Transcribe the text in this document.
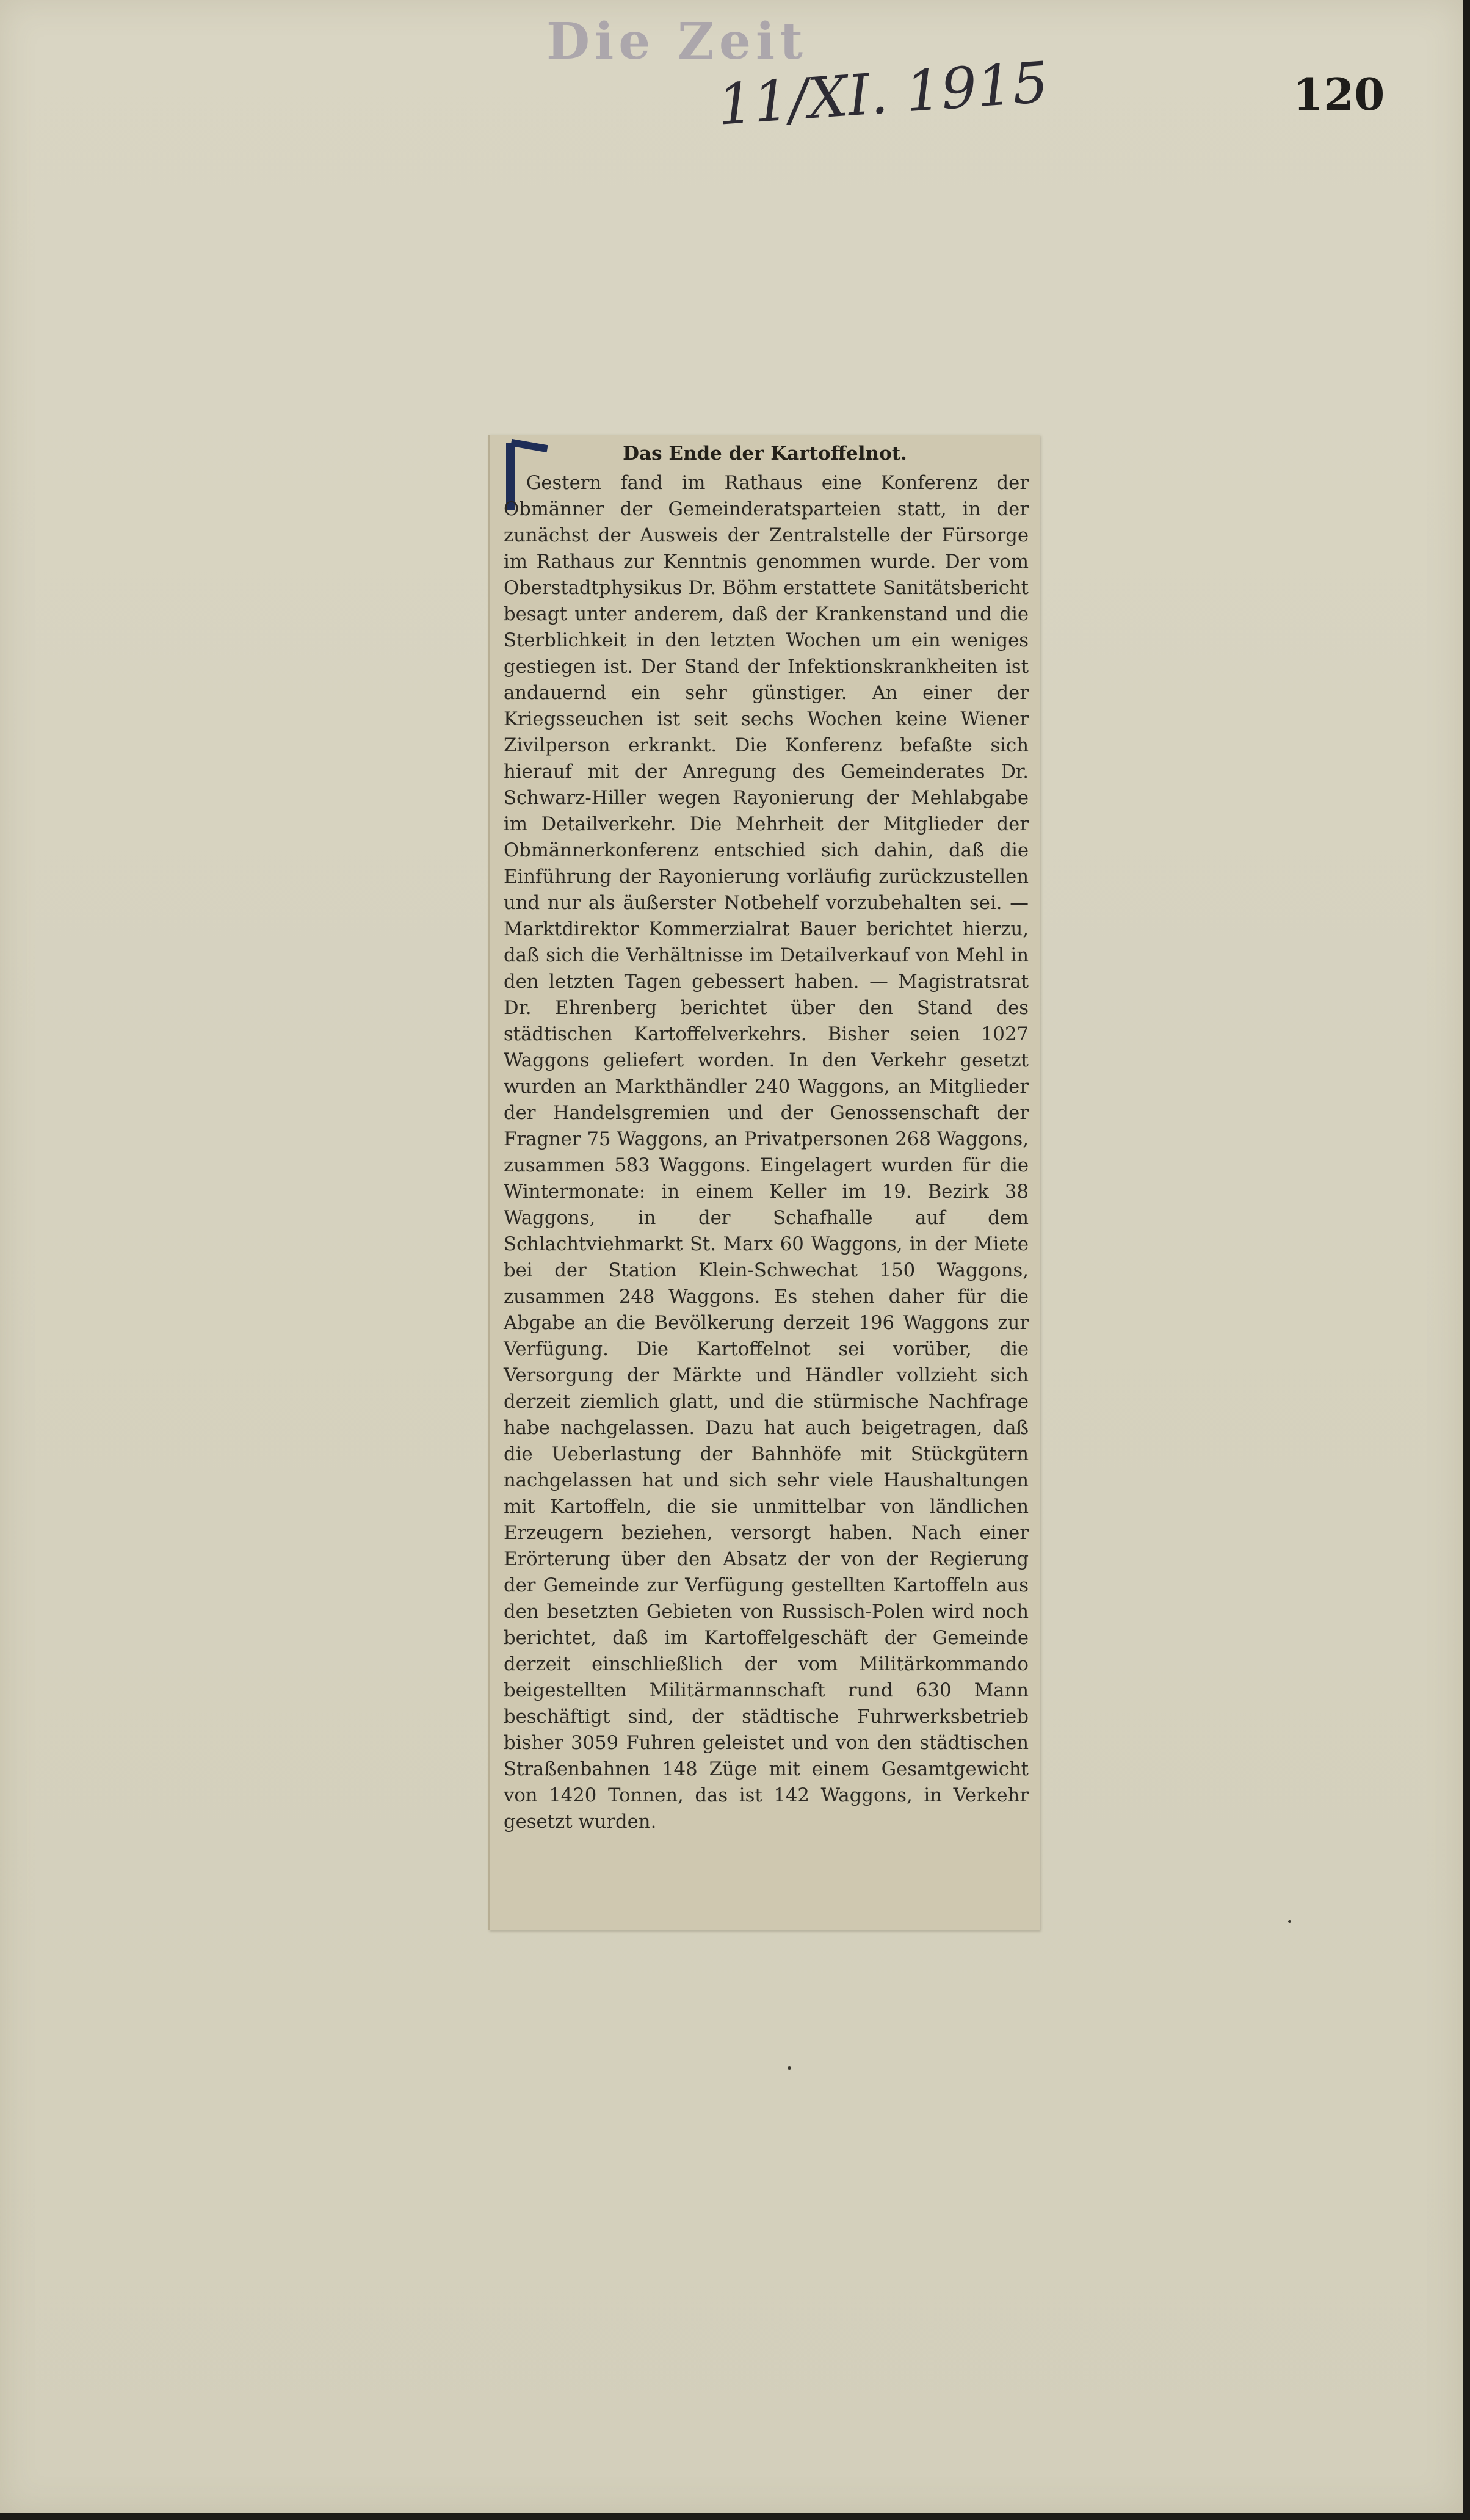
Die Zeit
11/XI. 1915	120
Das Ende der Kartoffelnot.

Gestern fand im Rathaus eine Konferenz der Obmänner der Gemeinderatsparteien statt, in der zunächst der Ausweis der Zentralstelle der Fürsorge im Rathaus zur Kenntnis genommen wurde. Der vom Oberstadtphysikus Dr. Böhm erstattete Sanitätsbericht besagt unter anderem, daß der Krankenstand und die Sterblichkeit in den letzten Wochen um ein weniges gestiegen ist. Der Stand der Infektionskrankheiten ist andauernd ein sehr günstiger. An einer der Kriegsseuchen ist seit sechs Wochen keine Wiener Zivilperson erkrankt. Die Konferenz befaßte sich hierauf mit der Anregung des Gemeinderates Dr. Schwarz-Hiller wegen Rayonierung der Mehlabgabe im Detailverkehr. Die Mehrheit der Mitglieder der Obmännerkonferenz entschied sich dahin, daß die Einführung der Rayonierung vorläufig zurückzustellen und nur als äußerster Notbehelf vorzubehalten sei. — Marktdirektor Kommerzialrat Bauer berichtet hierzu, daß sich die Verhältnisse im Detailverkauf von Mehl in den letzten Tagen gebessert haben. — Magistratsrat Dr. Ehrenberg berichtet über den Stand des städtischen Kartoffelverkehrs. Bisher seien 1027 Waggons geliefert worden. In den Verkehr gesetzt wurden an Markthändler 240 Waggons, an Mitglieder der Handelsgremien und der Genossenschaft der Fragner 75 Waggons, an Privatpersonen 268 Waggons, zusammen 583 Waggons. Eingelagert wurden für die Wintermonate: in einem Keller im 19. Bezirk 38 Waggons, in der Schafhalle auf dem Schlachtviehmarkt St. Marx 60 Waggons, in der Miete bei der Station Klein-Schwechat 150 Waggons, zusammen 248 Waggons. Es stehen daher für die Abgabe an die Bevölkerung derzeit 196 Waggons zur Verfügung. Die Kartoffelnot sei vorüber, die Versorgung der Märkte und Händler vollzieht sich derzeit ziemlich glatt, und die stürmische Nachfrage habe nachgelassen. Dazu hat auch beigetragen, daß die Ueberlastung der Bahnhöfe mit Stückgütern nachgelassen hat und sich sehr viele Haushaltungen mit Kartoffeln, die sie unmittelbar von ländlichen Erzeugern beziehen, versorgt haben. Nach einer Erörterung über den Absatz der von der Regierung der Gemeinde zur Verfügung gestellten Kartoffeln aus den besetzten Gebieten von Russisch-Polen wird noch berichtet, daß im Kartoffelgeschäft der Gemeinde derzeit einschließlich der vom Militärkommando beigestellten Militärmannschaft rund 630 Mann beschäftigt sind, der städtische Fuhrwerksbetrieb bisher 3059 Fuhren geleistet und von den städtischen Straßenbahnen 148 Züge mit einem Gesamtgewicht von 1420 Tonnen, das ist 142 Waggons, in Verkehr gesetzt wurden.
